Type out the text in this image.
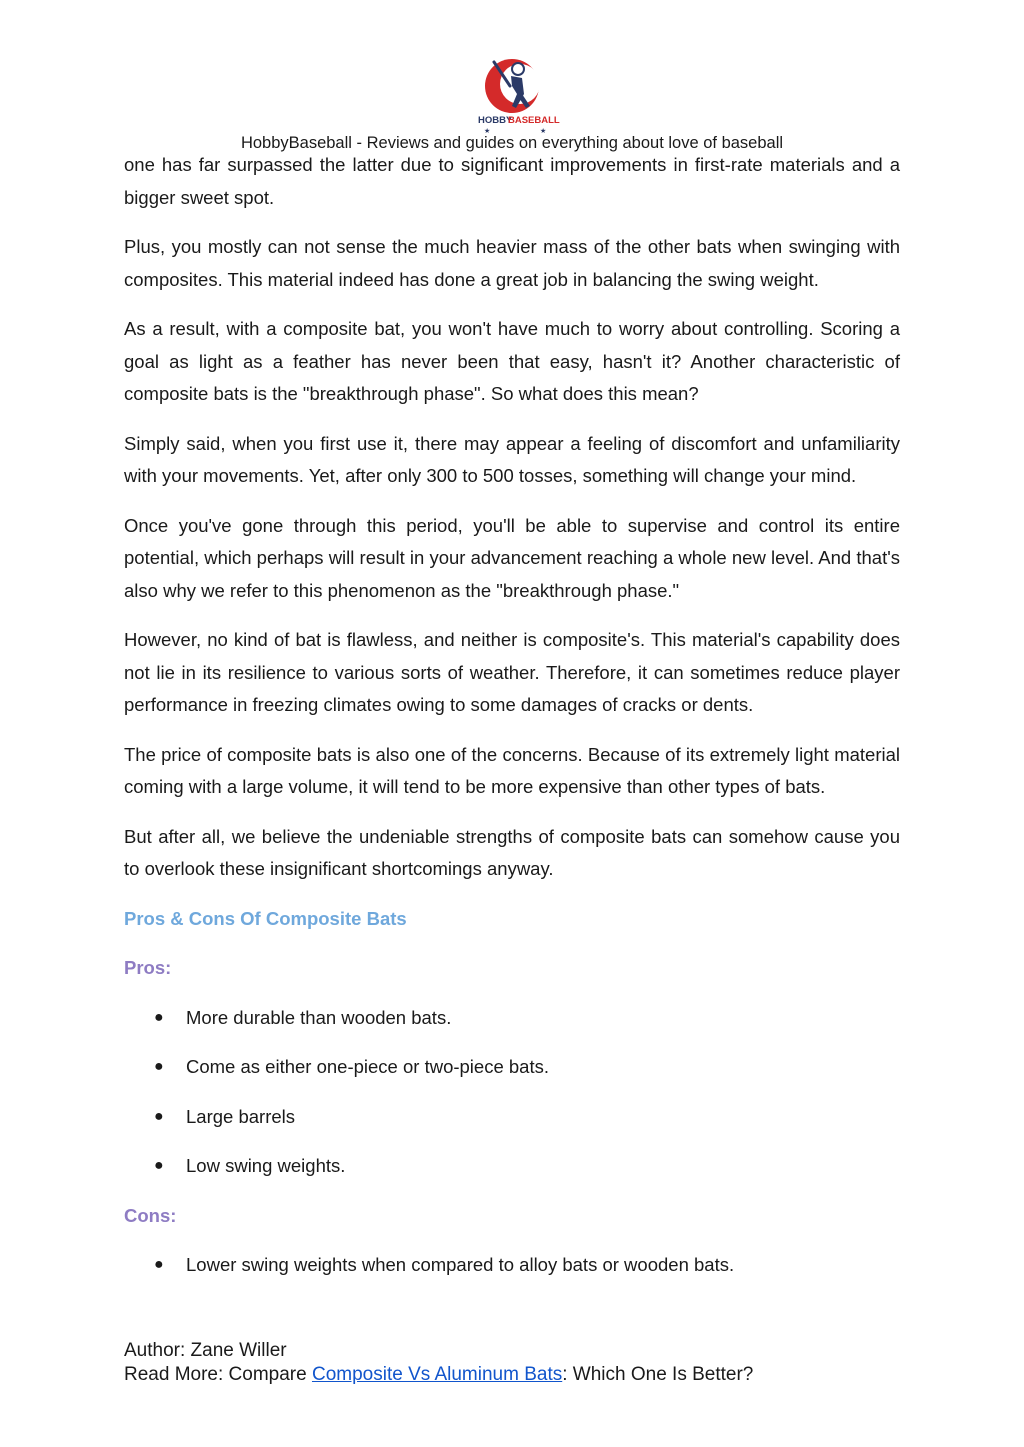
HOBBY
BASEBALL
★	★
HobbyBaseball - Reviews and guides on everything about love of baseball

one has far surpassed the latter due to significant improvements in first-rate materials and a bigger sweet spot.

Plus, you mostly can not sense the much heavier mass of the other bats when swinging with composites. This material indeed has done a great job in balancing the swing weight.

As a result, with a composite bat, you won't have much to worry about controlling. Scoring a goal as light as a feather has never been that easy, hasn't it? Another characteristic of composite bats is the "breakthrough phase". So what does this mean?

Simply said, when you first use it, there may appear a feeling of discomfort and unfamiliarity with your movements. Yet, after only 300 to 500 tosses, something will change your mind.

Once you've gone through this period, you'll be able to supervise and control its entire potential, which perhaps will result in your advancement reaching a whole new level. And that's also why we refer to this phenomenon as the "breakthrough phase."

However, no kind of bat is flawless, and neither is composite's. This material's capability does not lie in its resilience to various sorts of weather. Therefore, it can sometimes reduce player performance in freezing climates owing to some damages of cracks or dents.

The price of composite bats is also one of the concerns. Because of its extremely light material coming with a large volume, it will tend to be more expensive than other types of bats.

But after all, we believe the undeniable strengths of composite bats can somehow cause you to overlook these insignificant shortcomings anyway.

Pros & Cons Of Composite Bats
Pros:
● More durable than wooden bats.
● Come as either one-piece or two-piece bats.
● Large barrels
● Low swing weights.
Cons:
● Lower swing weights when compared to alloy bats or wooden bats.
Author: Zane Willer
Read More: Compare Composite Vs Aluminum Bats: Which One Is Better?
